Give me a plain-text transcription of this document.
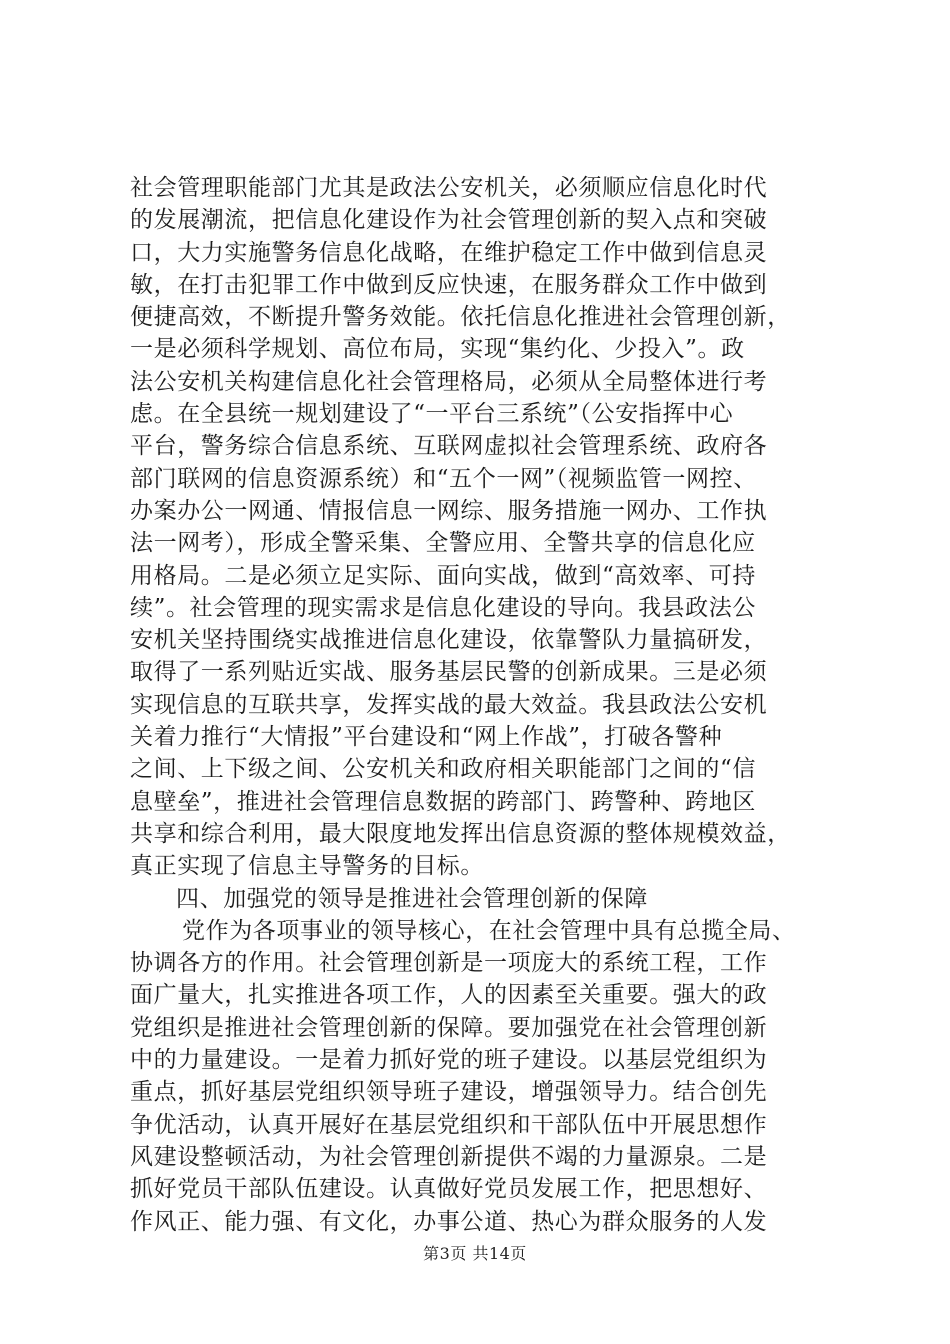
社会管理职能部门尤其是政法公安机关，必须顺应信息化时代
的发展潮流，把信息化建设作为社会管理创新的契入点和突破
口，大力实施警务信息化战略，在维护稳定工作中做到信息灵
敏，在打击犯罪工作中做到反应快速，在服务群众工作中做到
便捷高效，不断提升警务效能。依托信息化推进社会管理创新，
一是必须科学规划、高位布局，实现“集约化、少投入”。政
法公安机关构建信息化社会管理格局，必须从全局整体进行考
虑。在全县统一规划建设了“一平台三系统”（公安指挥中心
平台，警务综合信息系统、互联网虚拟社会管理系统、政府各
部门联网的信息资源系统）和“五个一网”（视频监管一网控、
办案办公一网通、情报信息一网综、服务措施一网办、工作执
法一网考），形成全警采集、全警应用、全警共享的信息化应
用格局。二是必须立足实际、面向实战，做到“高效率、可持
续”。社会管理的现实需求是信息化建设的导向。我县政法公
安机关坚持围绕实战推进信息化建设，依靠警队力量搞研发，
取得了一系列贴近实战、服务基层民警的创新成果。三是必须
实现信息的互联共享，发挥实战的最大效益。我县政法公安机
关着力推行“大情报”平台建设和“网上作战”，打破各警种
之间、上下级之间、公安机关和政府相关职能部门之间的“信
息壁垒”，推进社会管理信息数据的跨部门、跨警种、跨地区
共享和综合利用，最大限度地发挥出信息资源的整体规模效益，
真正实现了信息主导警务的目标。
四、加强党的领导是推进社会管理创新的保障
党作为各项事业的领导核心，在社会管理中具有总揽全局、
协调各方的作用。社会管理创新是一项庞大的系统工程，工作
面广量大，扎实推进各项工作，人的因素至关重要。强大的政
党组织是推进社会管理创新的保障。要加强党在社会管理创新
中的力量建设。一是着力抓好党的班子建设。以基层党组织为
重点，抓好基层党组织领导班子建设，增强领导力。结合创先
争优活动，认真开展好在基层党组织和干部队伍中开展思想作
风建设整顿活动，为社会管理创新提供不竭的力量源泉。二是
抓好党员干部队伍建设。认真做好党员发展工作，把思想好、
作风正、能力强、有文化，办事公道、热心为群众服务的人发
第3页 共14页
